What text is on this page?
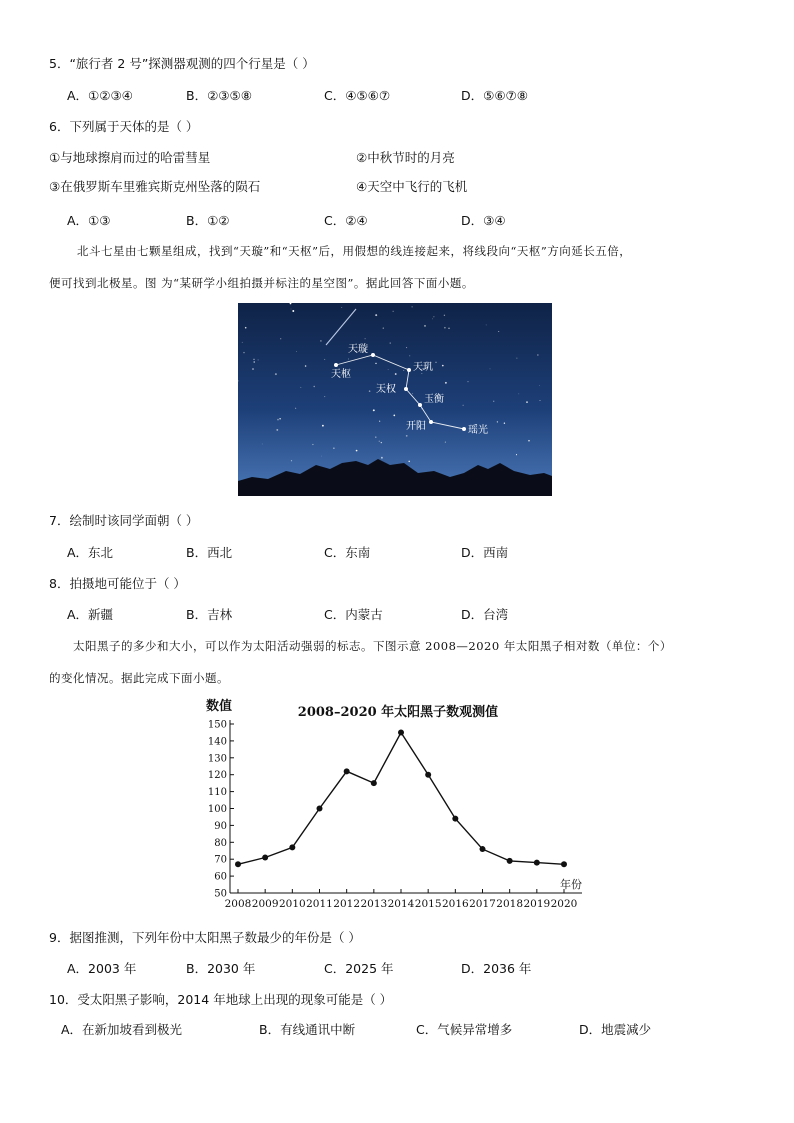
5．“旅行者 2 号”探测器观测的四个行星是（ ）
A．①②③④	B．②③⑤⑧	C．④⑤⑥⑦	D．⑤⑥⑦⑧
6．下列属于天体的是（ ）
①与地球擦肩而过的哈雷彗星	②中秋节时的月亮
③在俄罗斯车里雅宾斯克州坠落的陨石	④天空中飞行的飞机
A．①③	B．①②	C．②④	D．③④
北斗七星由七颗星组成，找到“天璇”和“天枢”后，用假想的线连接起来，将线段向“天枢”方向延长五倍，
便可找到北极星。图 为“某研学小组拍摄并标注的星空图”。据此回答下面小题。
天璇
天枢
天玑
天权
玉衡
开阳	瑶光
7．绘制时该同学面朝（ ）
A．东北	B．西北	C．东南	D．西南
8．拍摄地可能位于（ ）
A．新疆	B．吉林	C．内蒙古	D．台湾
太阳黑子的多少和大小，可以作为太阳活动强弱的标志。下图示意 2008—2020 年太阳黑子相对数（单位：个）
的变化情况。据此完成下面小题。
数值	2008–2020 年太阳黑子数观测值
50
60
70
80
90
100
110
120
130
140
150
2008 2009 2010 2011 2012 2013 2014 2015 2016 2017 2018 2019 2020
年份
9．据图推测，下列年份中太阳黑子数最少的年份是（ ）
A．2003 年	B．2030 年	C．2025 年	D．2036 年
10．受太阳黑子影响，2014 年地球上出现的现象可能是（ ）
A．在新加坡看到极光	B．有线通讯中断	C．气候异常增多	D．地震减少
